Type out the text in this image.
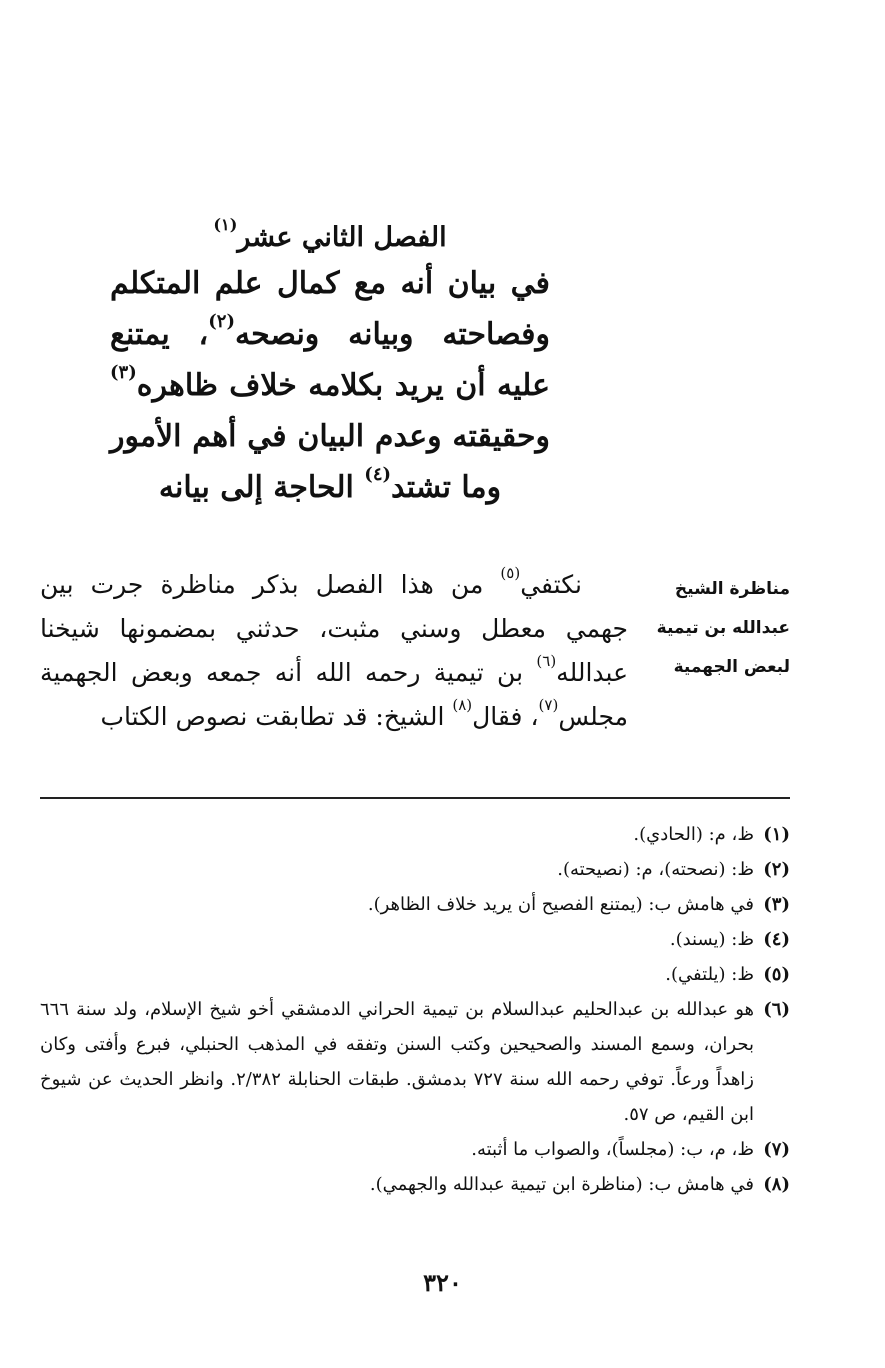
الفصل الثاني عشر$^{(١)}$
في بيان أنه مع كمال علم المتكلم وفصاحته وبيانه ونصحه$^{(٢)}$، يمتنع عليه أن يريد بكلامه خلاف ظاهره$^{(٣)}$ وحقيقته وعدم البيان في أهم الأمور وما تشتد$^{(٤)}$ الحاجة إلى بيانه
مناظرة الشيخ
عبدالله بن تيمية
لبعض الجهمية
نكتفي$^{(٥)}$ من هذا الفصل بذكر مناظرة جرت بين جهمي معطل وسني مثبت، حدثني بمضمونها شيخنا عبدالله$^{(٦)}$ بن تيمية رحمه الله أنه جمعه وبعض الجهمية مجلس$^{(٧)}$، فقال$^{(٨)}$ الشيخ: قد تطابقت نصوص الكتاب
(١)
ظ، م: (الحادي).
(٢)
ظ: (نصحته)، م: (نصيحته).
(٣)
في هامش ب: (يمتنع الفصيح أن يريد خلاف الظاهر).
(٤)
ظ: (يسند).
(٥)
ظ: (يلتفي).
(٦)
هو عبدالله بن عبدالحليم عبدالسلام بن تيمية الحراني الدمشقي أخو شيخ الإسلام، ولد سنة ٦٦٦ بحران، وسمع المسند والصحيحين وكتب السنن وتفقه في المذهب الحنبلي، فبرع وأفتى وكان زاهداً ورعاً. توفي رحمه الله سنة ٧٢٧ بدمشق. طبقات الحنابلة ٢/٣٨٢. وانظر الحديث عن شيوخ ابن القيم، ص ٥٧.
(٧)
ظ، م، ب: (مجلساً)، والصواب ما أثبته.
(٨)
في هامش ب: (مناظرة ابن تيمية عبدالله والجهمي).
٣٢٠
